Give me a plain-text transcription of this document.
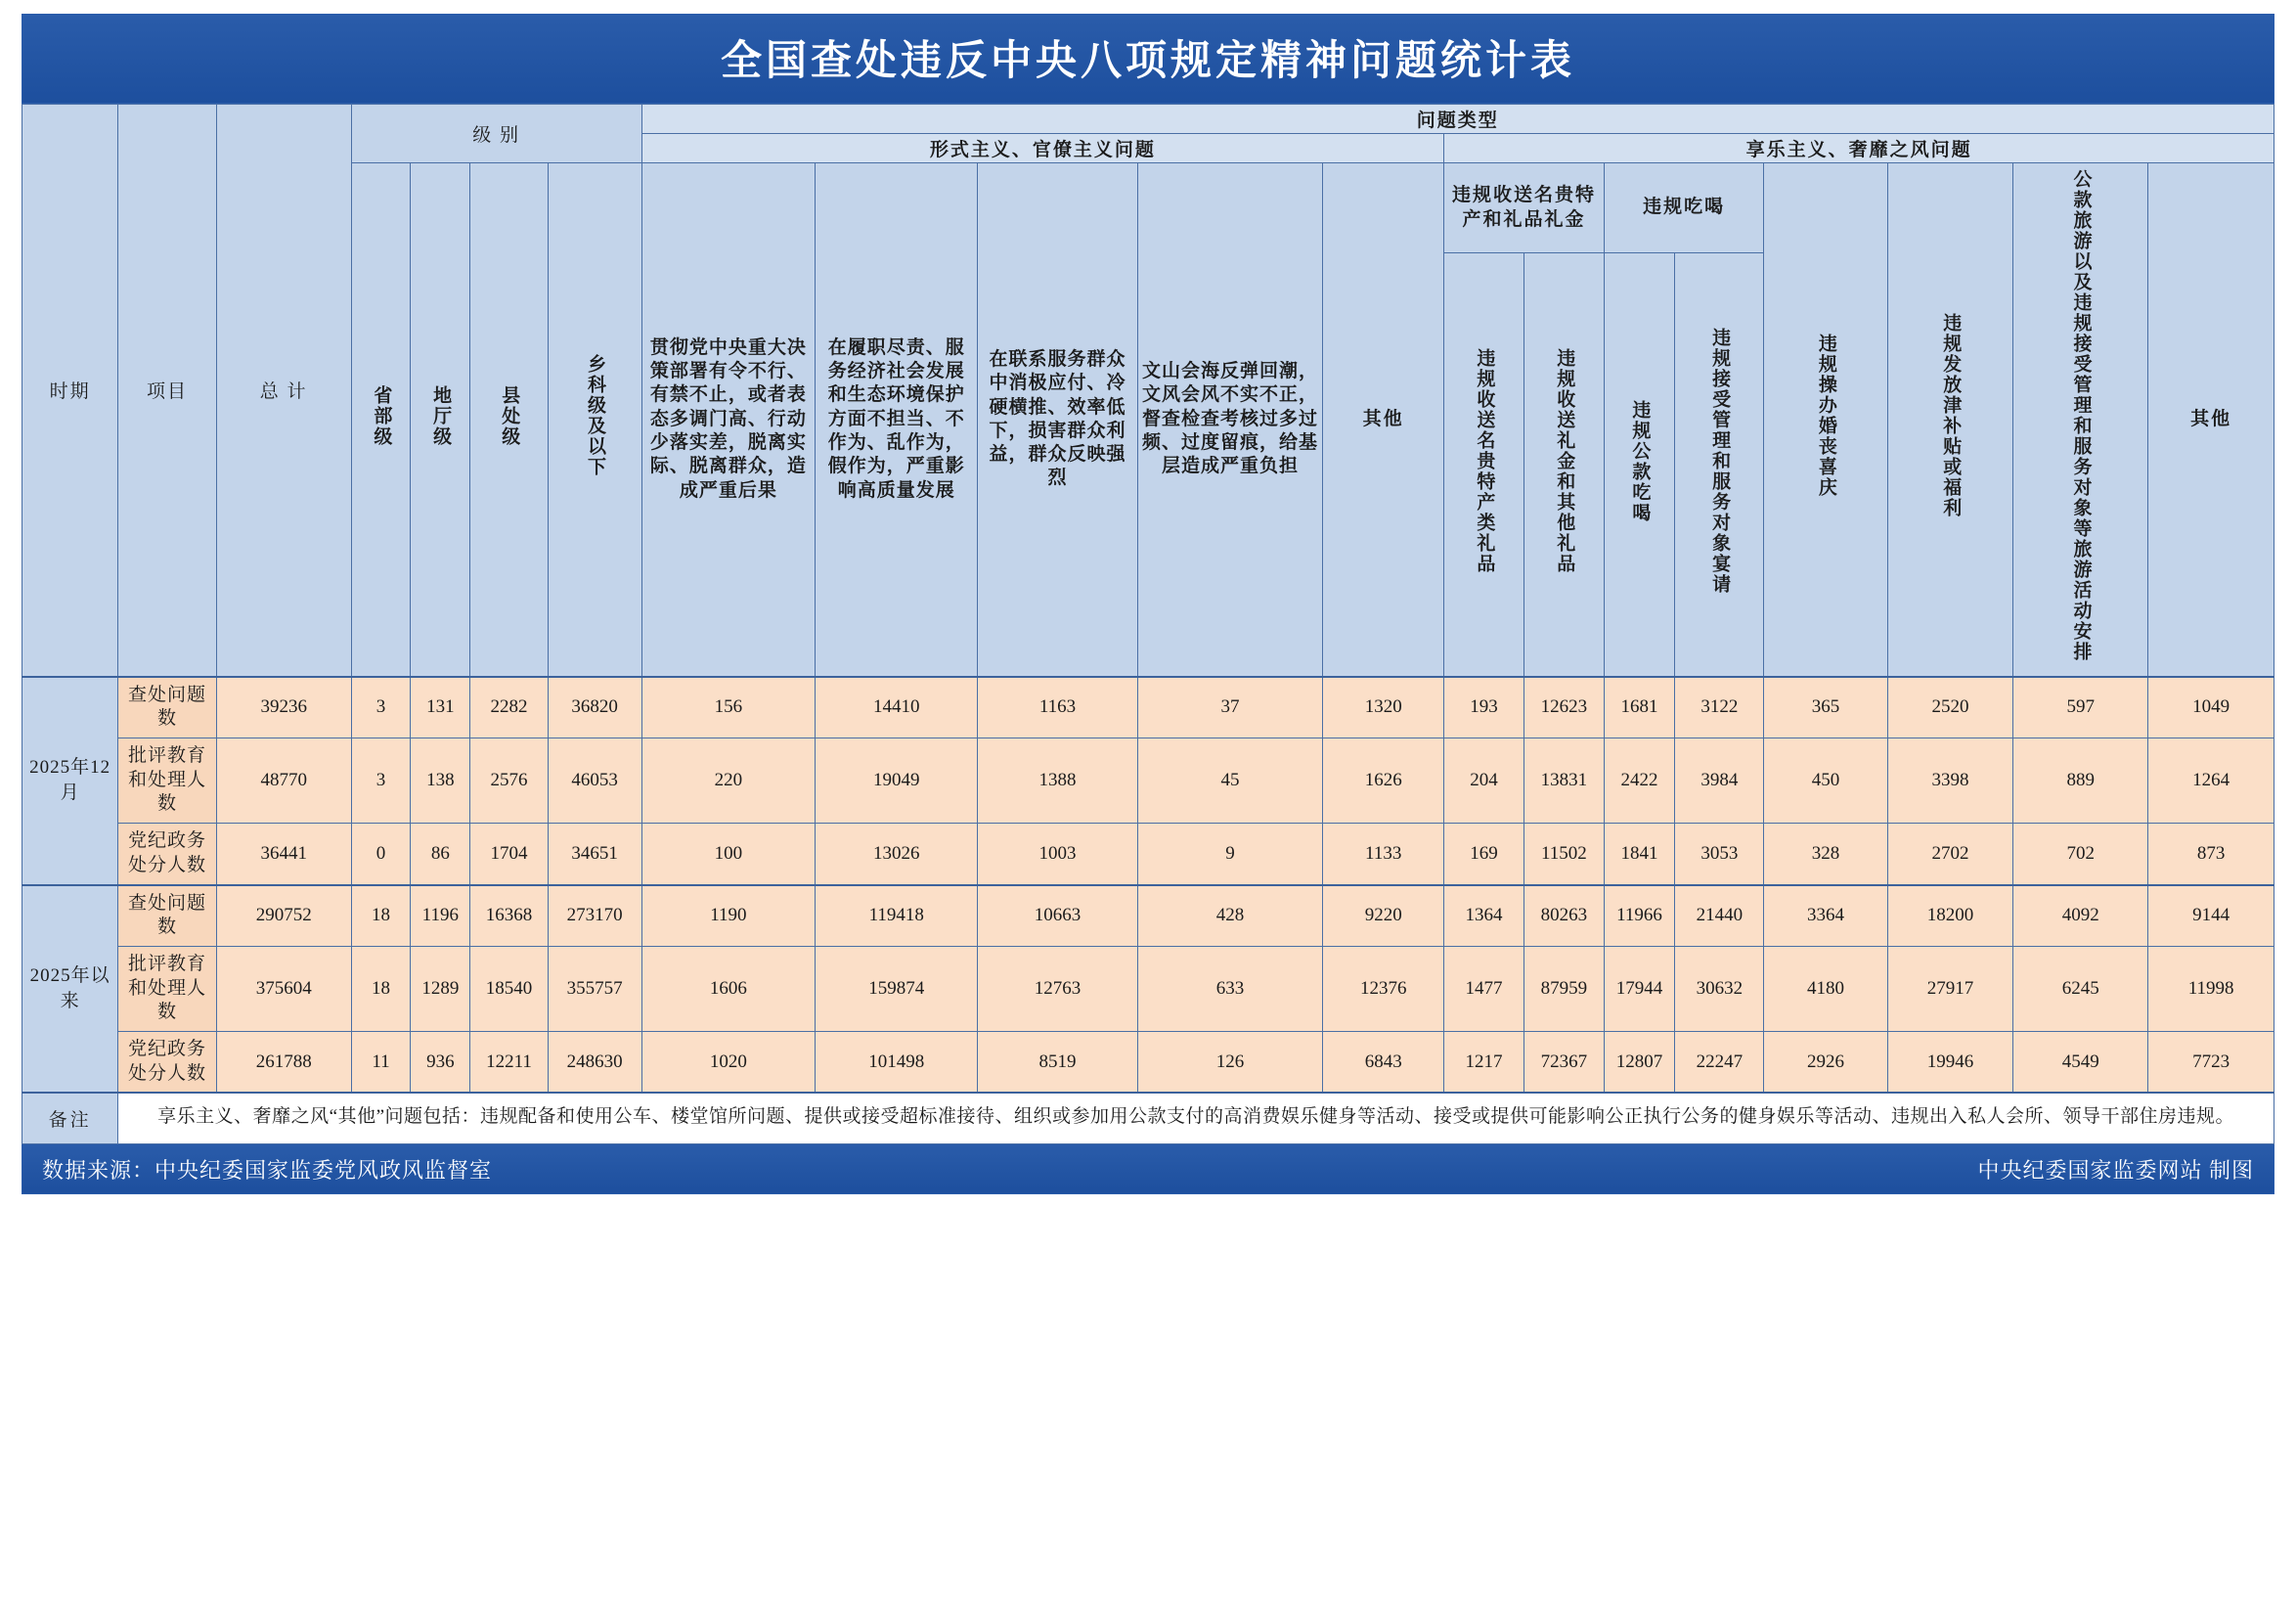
全国查处违反中央八项规定精神问题统计表
时期	项目	总 计	级 别				问题类型												
							形式主义、官僚主义问题					享乐主义、奢靡之风问题							
			省部级	地厅级	县处级	乡科级及以下	贯彻党中央重大决策部署有令不行、有禁不止，或者表态多调门高、行动少落实差，脱离实际、脱离群众，造成严重后果	在履职尽责、服务经济社会发展和生态环境保护方面不担当、不作为、乱作为，假作为，严重影响高质量发展	在联系服务群众中消极应付、冷硬横推、效率低下，损害群众利益，群众反映强烈	文山会海反弹回潮，文风会风不实不正，督查检查考核过多过频、过度留痕，给基层造成严重负担	其他	违规收送名贵特产和礼品礼金		违规吃喝		违规操办婚丧喜庆	违规发放津补贴或福利	公款旅游以及违规接受管理和服务对象等旅游活动安排	其他
												违规收送名贵特产类礼品	违规收送礼金和其他礼品	违规公款吃喝	违规接受管理和服务对象宴请				
2025年12月	查处问题数	39236	3	131	2282	36820	156	14410	1163	37	1320	193	12623	1681	3122	365	2520	597	1049
	批评教育和处理人数	48770	3	138	2576	46053	220	19049	1388	45	1626	204	13831	2422	3984	450	3398	889	1264
	党纪政务处分人数	36441	0	86	1704	34651	100	13026	1003	9	1133	169	11502	1841	3053	328	2702	702	873
2025年以来	查处问题数	290752	18	1196	16368	273170	1190	119418	10663	428	9220	1364	80263	11966	21440	3364	18200	4092	9144
	批评教育和处理人数	375604	18	1289	18540	355757	1606	159874	12763	633	12376	1477	87959	17944	30632	4180	27917	6245	11998
	党纪政务处分人数	261788	11	936	12211	248630	1020	101498	8519	126	6843	1217	72367	12807	22247	2926	19946	4549	7723
备注	享乐主义、奢靡之风“其他”问题包括：违规配备和使用公车、楼堂馆所问题、提供或接受超标准接待、组织或参加用公款支付的高消费娱乐健身等活动、接受或提供可能影响公正执行公务的健身娱乐等活动、违规出入私人会所、领导干部住房违规。																		
数据来源：中央纪委国家监委党风政风监督室	中央纪委国家监委网站 制图
